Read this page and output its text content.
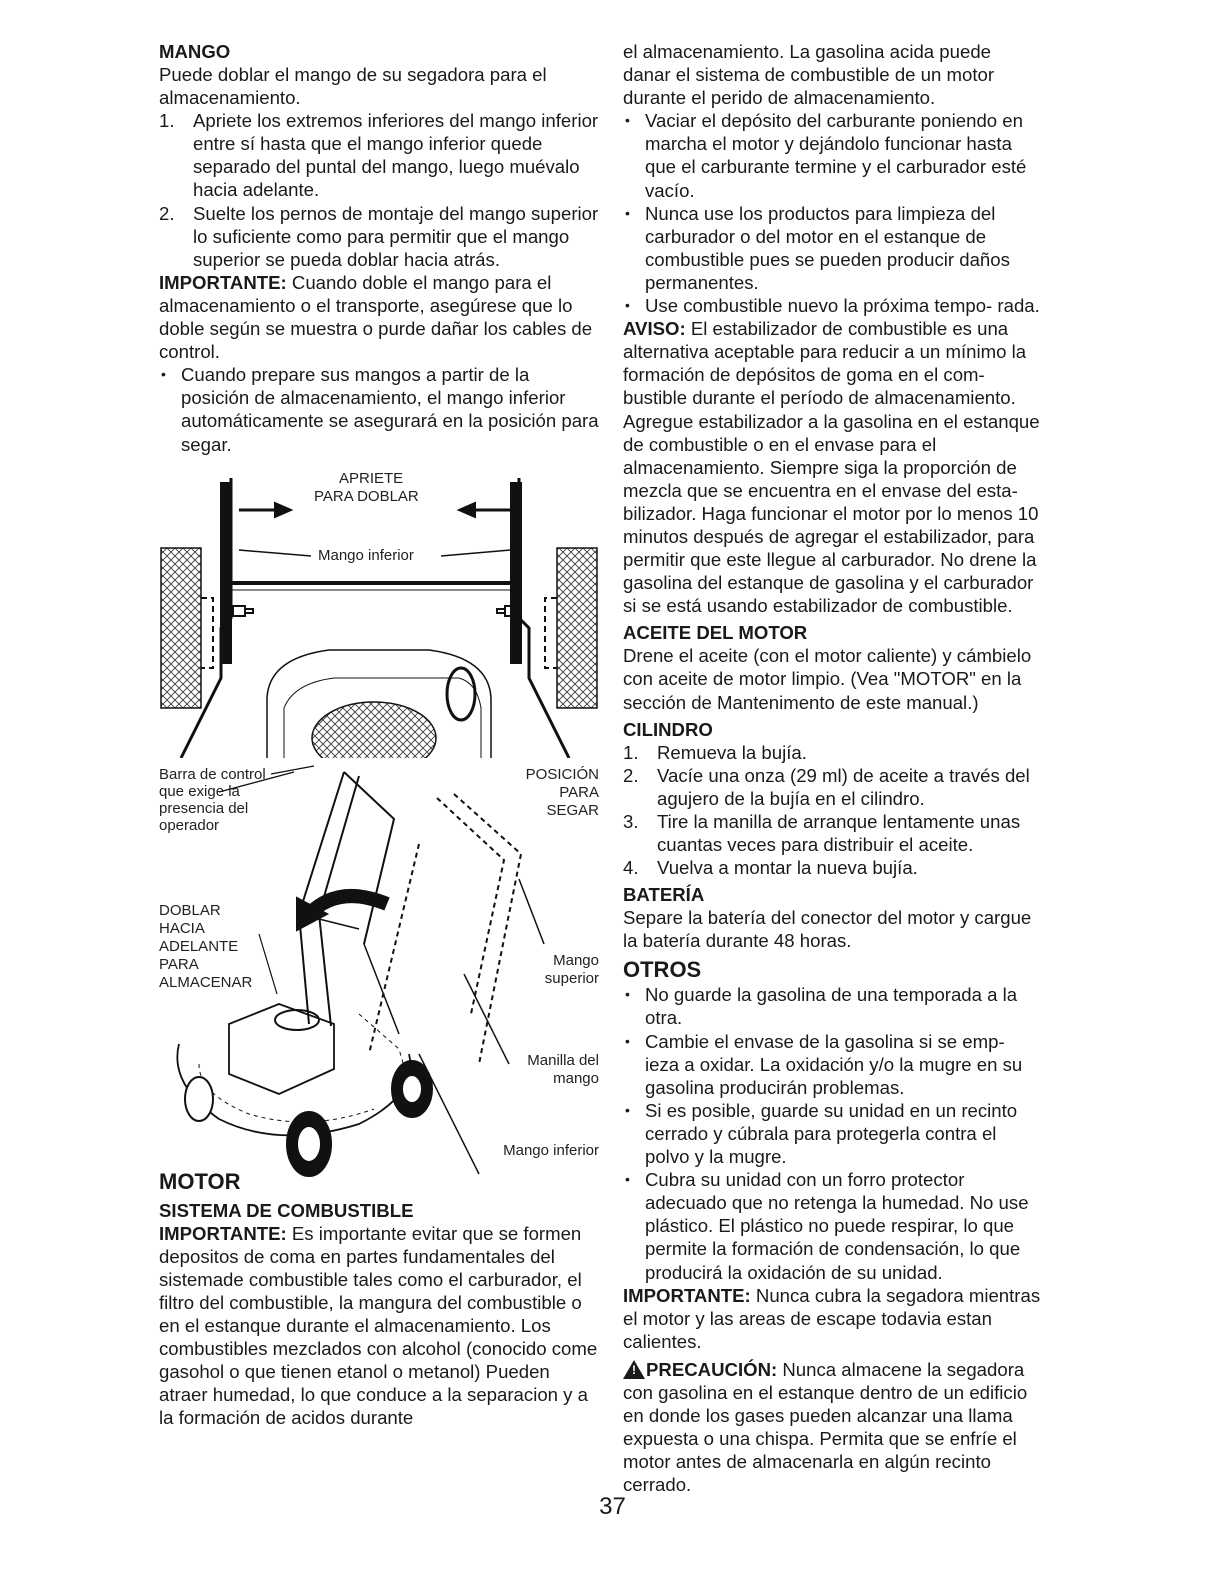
MANGO

Puede doblar el mango de su segadora para el almacenamiento.

1. Apriete los extremos inferiores del mango inferior entre sí hasta que el mango inferior quede separado del puntal del mango, luego muévalo hacia adelante.
2. Suelte los pernos de montaje del mango superior lo suficiente como para permitir que el mango superior se pueda doblar hacia atrás.

IMPORTANTE: Cuando doble el mango para el almacenamiento o el transporte, asegúrese que lo doble según se muestra o purde dañar los cables de control.

• Cuando prepare sus mangos a partir de la posición de almacenamiento, el mango inferior automáticamente se asegurará en la posición para segar.
APRIETE
PARA DOBLAR
Mango inferior
Barra de control
que exige la
presencia del
operador
POSICIÓN
PARA
SEGAR
DOBLAR
HACIA
ADELANTE
PARA
ALMACENAR
Mango
superior
Manilla del
mango
Mango inferior
MOTOR
SISTEMA DE COMBUSTIBLE

IMPORTANTE: Es importante evitar que se formen depositos de coma en partes fundamentales del sistemade combustible tales como el carburador, el filtro del combustible, la mangura del combustible o en el estanque durante el almacenamiento. Los combustibles mezclados con alcohol (conocido come gasohol o que tienen etanol o metanol) Pueden atraer humedad, lo que conduce a la separacion y a la formación de acidos durante

el almacenamiento. La gasolina acida puede danar el sistema de combustible de un motor durante el perido de almacenamiento.

• Vaciar el depósito del carburante poniendo en marcha el motor y dejándolo funcionar hasta que el carburante termine y el carburador esté vacío.
• Nunca use los productos para limpieza del carburador o del motor en el estanque de combustible pues se pueden producir daños permanentes.
• Use combustible nuevo la próxima tempo- rada.

AVISO: El estabilizador de combustible es una alternativa aceptable para reducir a un mínimo la formación de depósitos de goma en el com- bustible durante el período de almacenamiento. Agregue estabilizador a la gasolina en el estanque de combustible o en el envase para el almacenamiento. Siempre siga la proporción de mezcla que se encuentra en el envase del esta- bilizador. Haga funcionar el motor por lo menos 10 minutos después de agregar el estabilizador, para permitir que este llegue al carburador. No drene la gasolina del estanque de gasolina y el carburador si se está usando estabilizador de combustible.

ACEITE DEL MOTOR

Drene el aceite (con el motor caliente) y cámbielo con aceite de motor limpio. (Vea "MOTOR" en la sección de Mantenimento de este manual.)

CILINDRO
1. Remueva la bujía.
2. Vacíe una onza (29 ml) de aceite a través del agujero de la bujía en el cilindro.
3. Tire la manilla de arranque lentamente unas cuantas veces para distribuir el aceite.
4. Vuelva a montar la nueva bujía.
BATERÍA

Separe la batería del conector del motor y cargue la batería durante 48 horas.

OTROS
• No guarde la gasolina de una temporada a la otra.
• Cambie el envase de la gasolina si se emp- ieza a oxidar. La oxidación y/o la mugre en su gasolina producirán problemas.
• Si es posible, guarde su unidad en un recinto cerrado y cúbrala para protegerla contra el polvo y la mugre.
• Cubra su unidad con un forro protector adecuado que no retenga la humedad. No use plástico. El plástico no puede respirar, lo que permite la formación de condensación, lo que producirá la oxidación de su unidad.

IMPORTANTE: Nunca cubra la segadora mientras el motor y las areas de escape todavia estan calientes.

! PRECAUCIÓN: Nunca almacene la segadora con gasolina en el estanque dentro de un edificio en donde los gases pueden alcanzar una llama expuesta o una chispa. Permita que se enfríe el motor antes de almacenarla en algún recinto cerrado.

37
